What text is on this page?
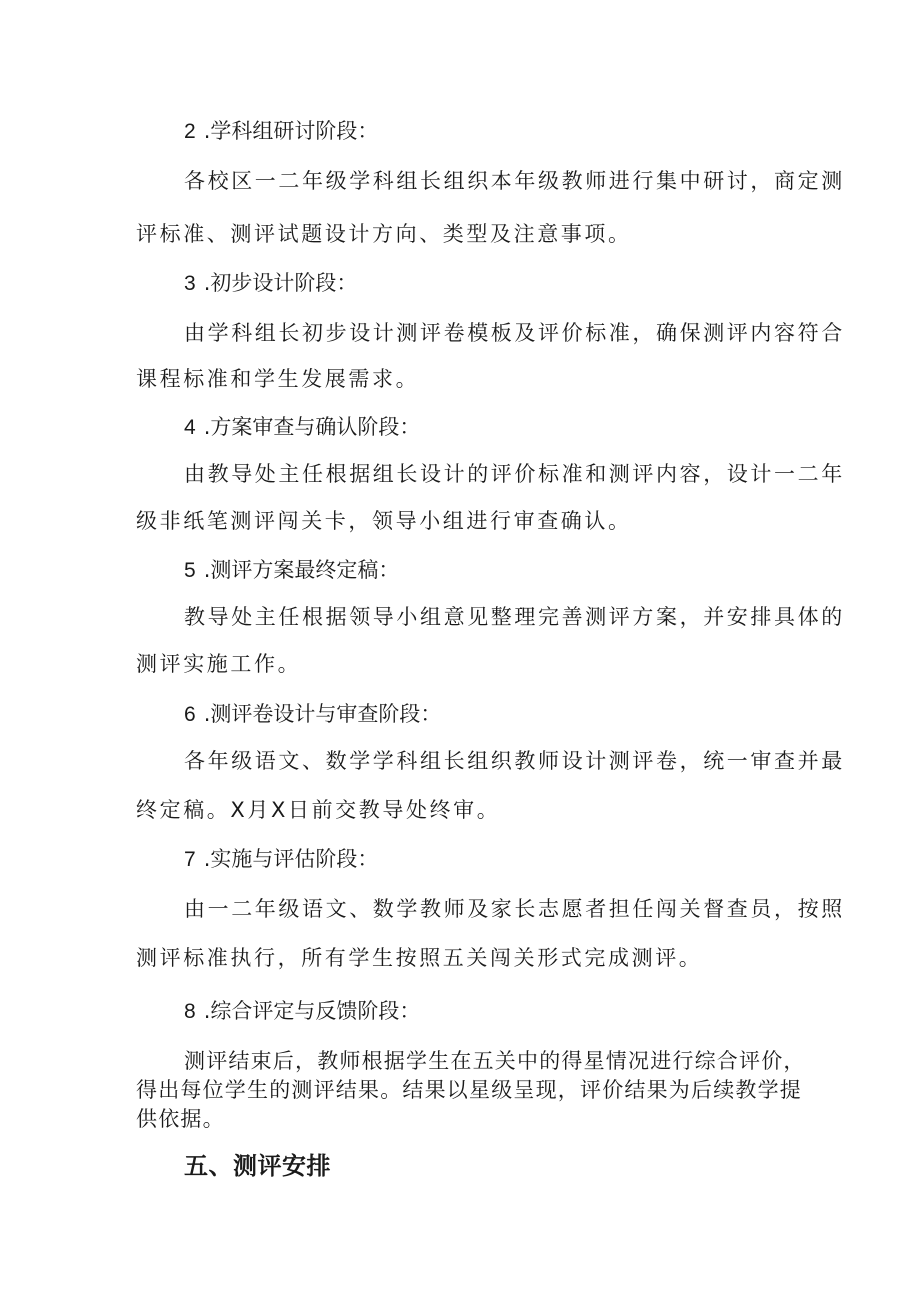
2 .学科组研讨阶段：
各校区一二年级学科组长组织本年级教师进行集中研讨，商定测
评标准、测评试题设计方向、类型及注意事项。
3 .初步设计阶段：
由学科组长初步设计测评卷模板及评价标准，确保测评内容符合
课程标准和学生发展需求。
4 .方案审查与确认阶段：
由教导处主任根据组长设计的评价标准和测评内容，设计一二年
级非纸笔测评闯关卡，领导小组进行审查确认。
5 .测评方案最终定稿：
教导处主任根据领导小组意见整理完善测评方案，并安排具体的
测评实施工作。
6 .测评卷设计与审查阶段：
各年级语文、数学学科组长组织教师设计测评卷，统一审查并最
终定稿。X月X日前交教导处终审。
7 .实施与评估阶段：
由一二年级语文、数学教师及家长志愿者担任闯关督查员，按照
测评标准执行，所有学生按照五关闯关形式完成测评。
8 .综合评定与反馈阶段：
测评结束后，教师根据学生在五关中的得星情况进行综合评价，
得出每位学生的测评结果。结果以星级呈现，评价结果为后续教学提
供依据。
五、测评安排
